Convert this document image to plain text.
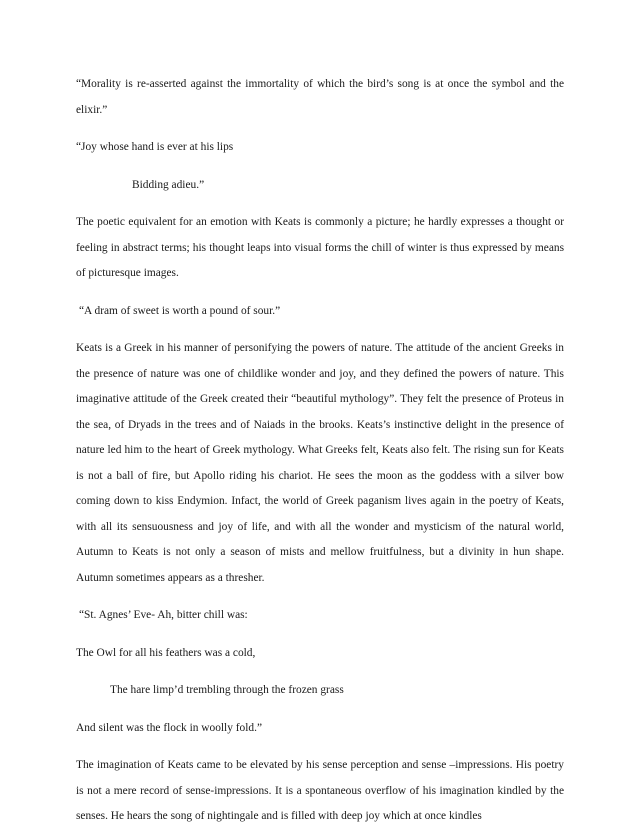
“Morality is re-asserted against the immortality of which the bird’s song is at once the symbol and the elixir.”

“Joy whose hand is ever at his lips

Bidding adieu.”

The poetic equivalent for an emotion with Keats is commonly a picture; he hardly expresses a thought or feeling in abstract terms; his thought leaps into visual forms the chill of winter is thus expressed by means of picturesque images.

“A dram of sweet is worth a pound of sour.”

Keats is a Greek in his manner of personifying the powers of nature. The attitude of the ancient Greeks in the presence of nature was one of childlike wonder and joy, and they defined the powers of nature. This imaginative attitude of the Greek created their “beautiful mythology”. They felt the presence of Proteus in the sea, of Dryads in the trees and of Naiads in the brooks. Keats’s instinctive delight in the presence of nature led him to the heart of Greek mythology. What Greeks felt, Keats also felt. The rising sun for Keats is not a ball of fire, but Apollo riding his chariot. He sees the moon as the goddess with a silver bow coming down to kiss Endymion. Infact, the world of Greek paganism lives again in the poetry of Keats, with all its sensuousness and joy of life, and with all the wonder and mysticism of the natural world, Autumn to Keats is not only a season of mists and mellow fruitfulness, but a divinity in hun shape. Autumn sometimes appears as a thresher.

“St. Agnes’ Eve- Ah, bitter chill was:

The Owl for all his feathers was a cold,

The hare limp’d trembling through the frozen grass

And silent was the flock in woolly fold.”

The imagination of Keats came to be elevated by his sense perception and sense –impressions. His poetry is not a mere record of sense-impressions. It is a spontaneous overflow of his imagination kindled by the senses. He hears the song of nightingale and is filled with deep joy which at once kindles
